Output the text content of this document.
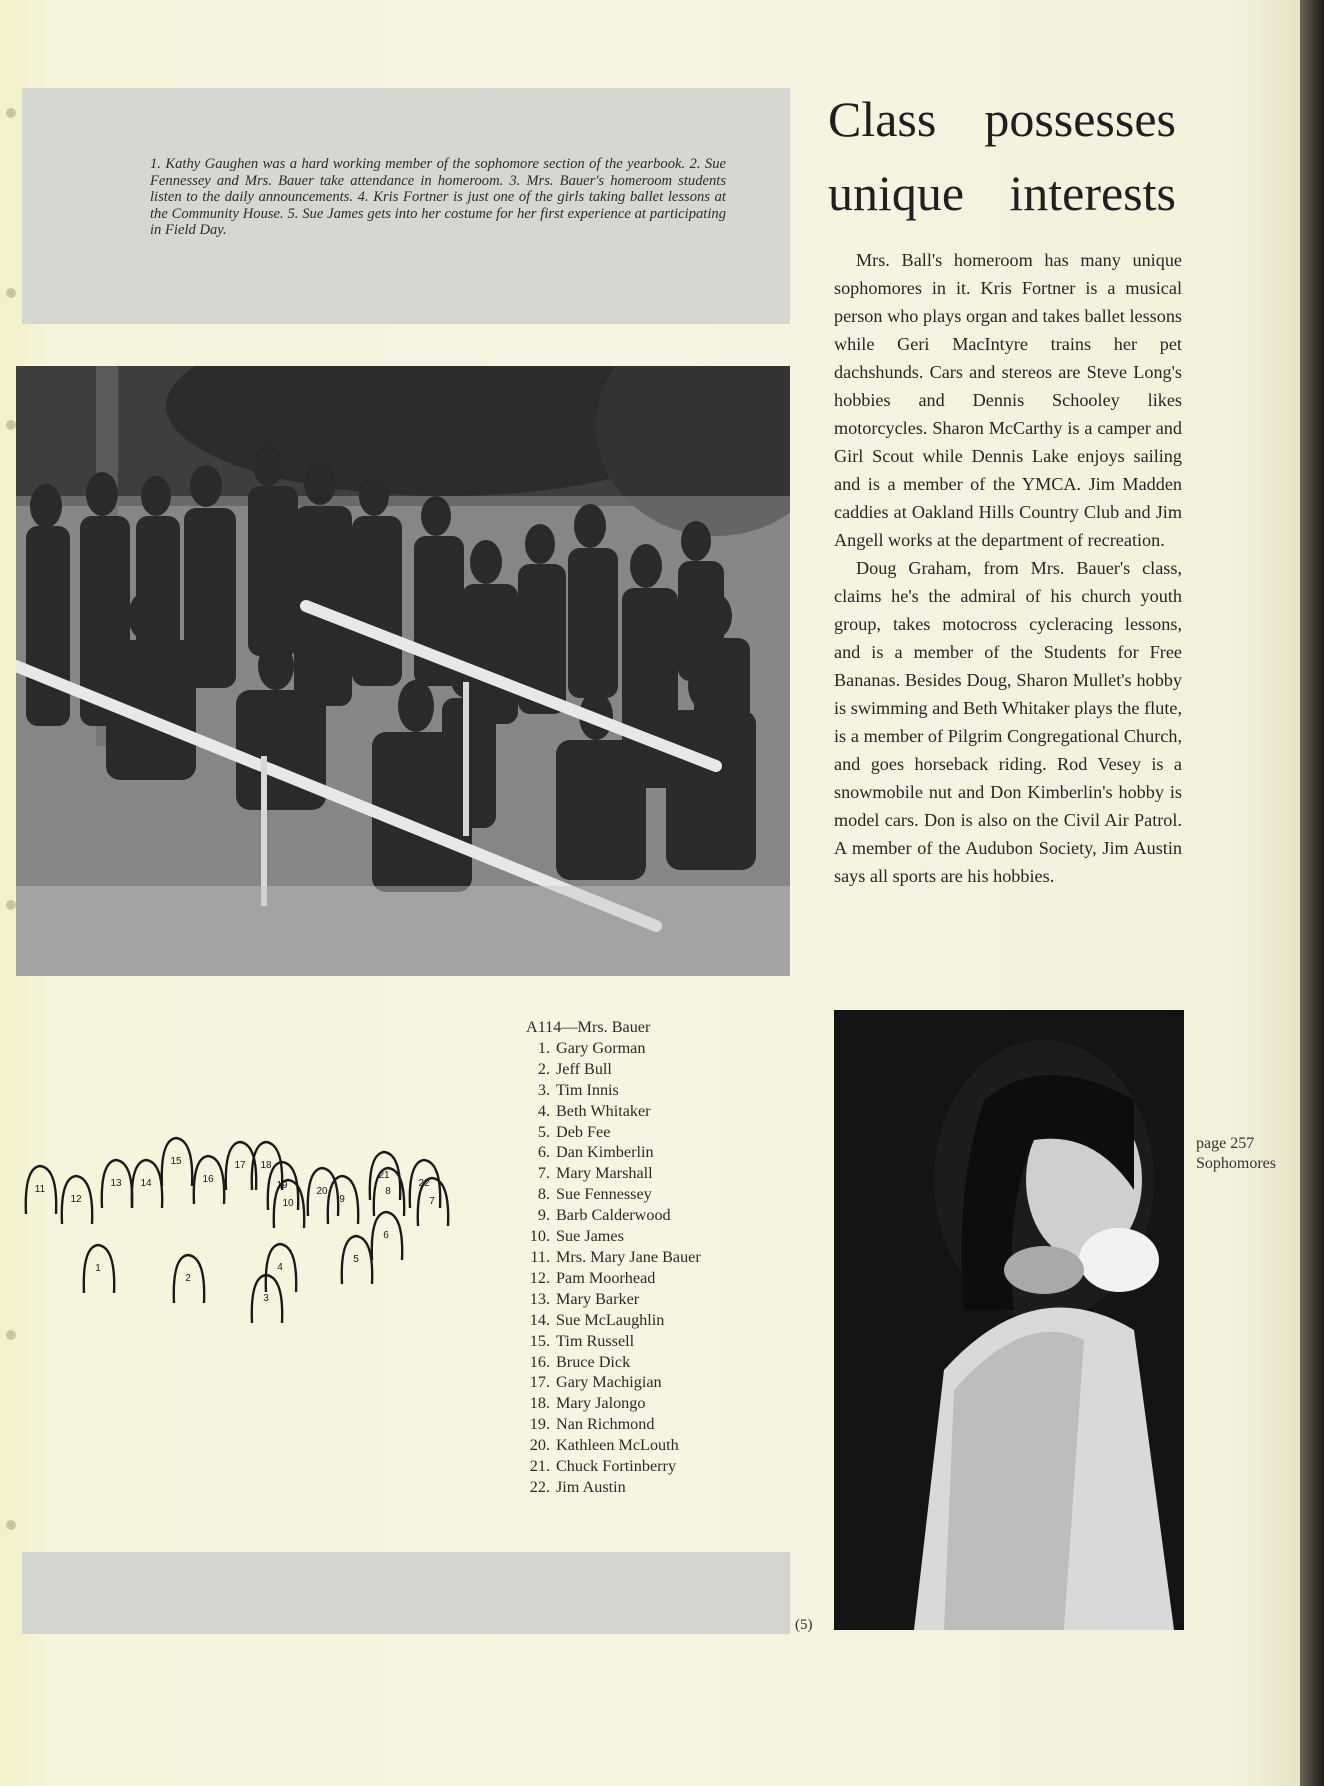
1. Kathy Gaughen was a hard working member of the sophomore section of the yearbook. 2. Sue Fennessey and Mrs. Bauer take attendance in homeroom. 3. Mrs. Bauer's homeroom students listen to the daily announcements. 4. Kris Fortner is just one of the girls taking ballet lessons at the Community House. 5. Sue James gets into her costume for her first experience at participating in Field Day.

Class possesses
unique interests

Mrs. Ball's homeroom has many unique sophomores in it. Kris Fortner is a musical person who plays organ and takes ballet lessons while Geri MacIntyre trains her pet dachshunds. Cars and stereos are Steve Long's hobbies and Dennis Schooley likes motorcycles. Sharon McCarthy is a camper and Girl Scout while Dennis Lake enjoys sailing and is a member of the YMCA. Jim Madden caddies at Oakland Hills Country Club and Jim Angell works at the department of recreation.

Doug Graham, from Mrs. Bauer's class, claims he's the admiral of his church youth group, takes motocross cycleracing lessons, and is a member of the Students for Free Bananas. Besides Doug, Sharon Mullet's hobby is swimming and Beth Whitaker plays the flute, is a member of Pilgrim Congregational Church, and goes horseback riding. Rod Vesey is a snowmobile nut and Don Kimberlin's hobby is model cars. Don is also on the Civil Air Patrol. A member of the Audubon Society, Jim Austin says all sports are his hobbies.

1
2
3
4
5
6
7
8
9
10
11
12
13 14
15
16
17 18
19
20
21
22

A114—Mrs. Bauer

1. Gary Gorman
2. Jeff Bull
3. Tim Innis
4. Beth Whitaker
5. Deb Fee
6. Dan Kimberlin
7. Mary Marshall
8. Sue Fennessey
9. Barb Calderwood
10. Sue James
11. Mrs. Mary Jane Bauer
12. Pam Moorhead
13. Mary Barker
14. Sue McLaughlin
15. Tim Russell
16. Bruce Dick
17. Gary Machigian
18. Mary Jalongo
19. Nan Richmond
20. Kathleen McLouth
21. Chuck Fortinberry
22. Jim Austin

(5)

page 257
Sophomores
